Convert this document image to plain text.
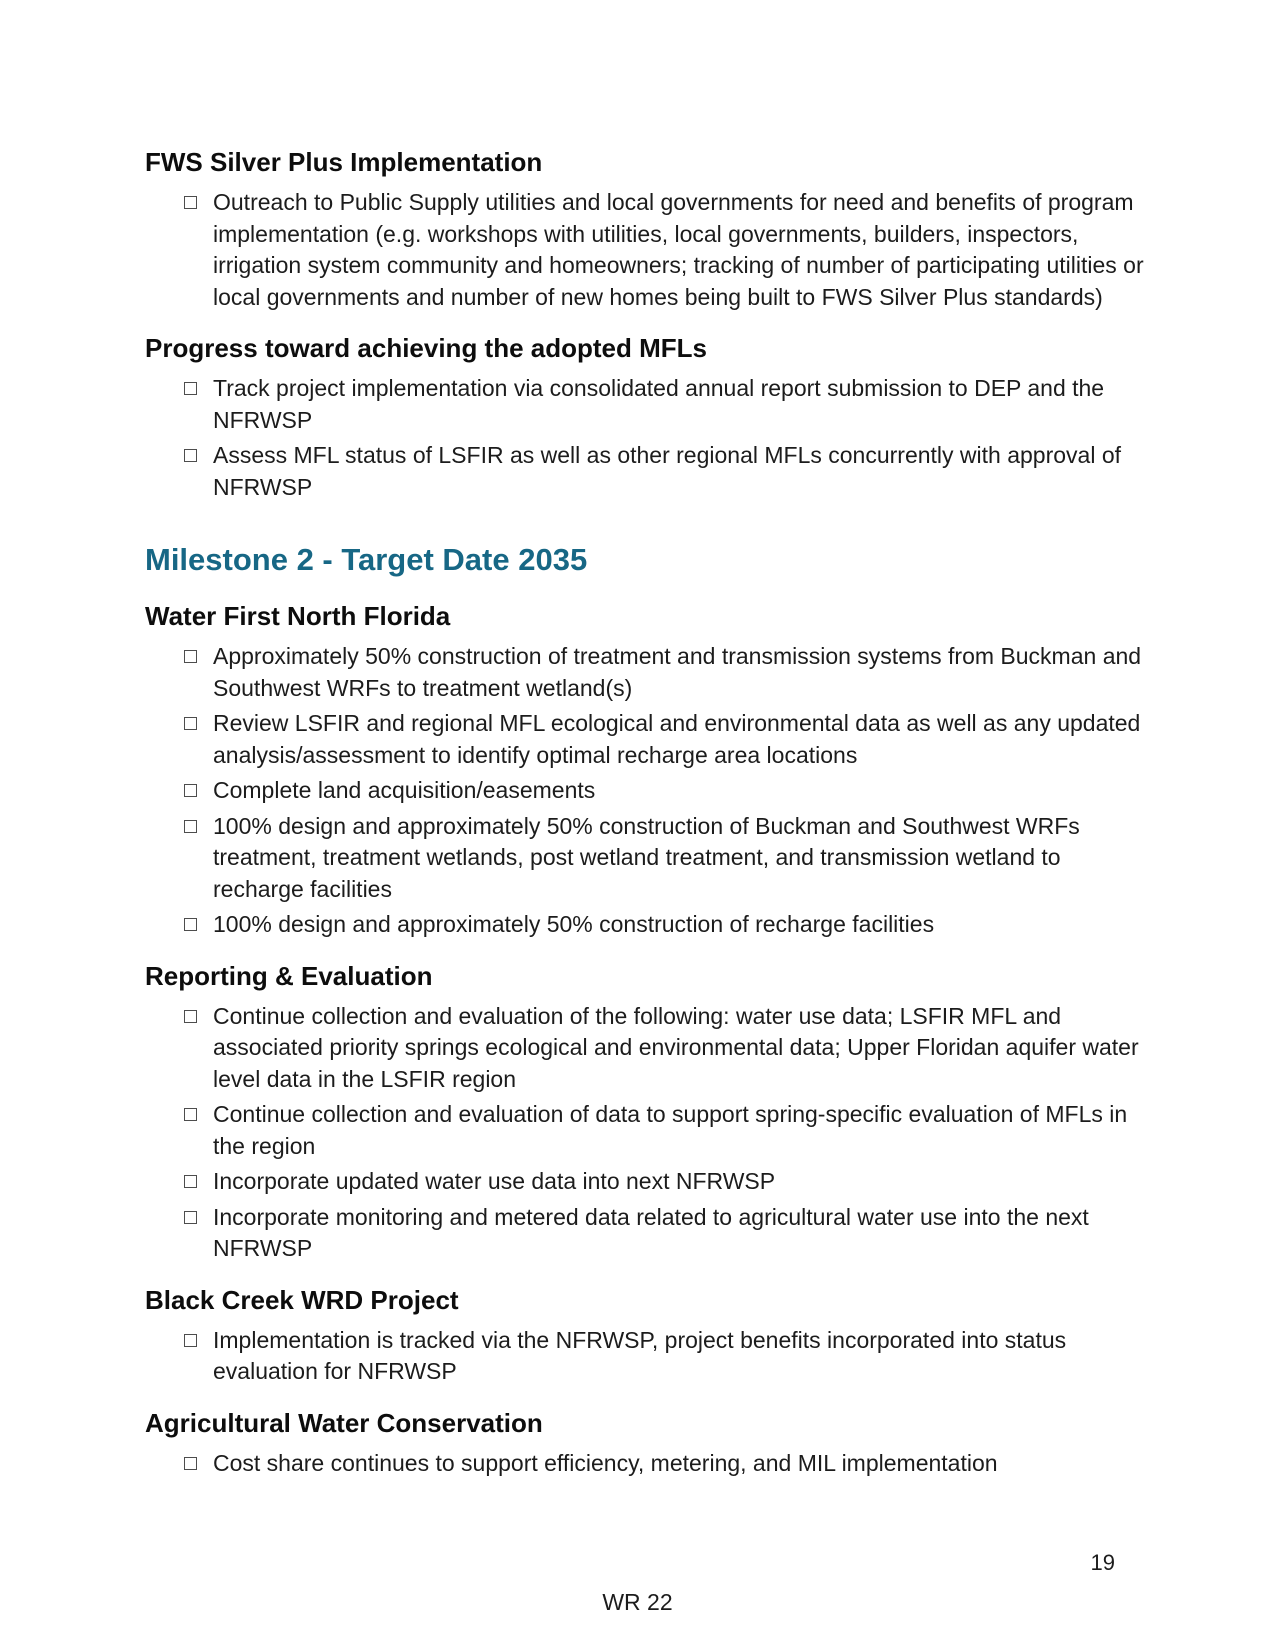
FWS Silver Plus Implementation
Outreach to Public Supply utilities and local governments for need and benefits of program implementation (e.g. workshops with utilities, local governments, builders, inspectors, irrigation system community and homeowners; tracking of number of participating utilities or local governments and number of new homes being built to FWS Silver Plus standards)
Progress toward achieving the adopted MFLs
Track project implementation via consolidated annual report submission to DEP and the NFRWSP
Assess MFL status of LSFIR as well as other regional MFLs concurrently with approval of NFRWSP
Milestone 2 - Target Date 2035
Water First North Florida
Approximately 50% construction of treatment and transmission systems from Buckman and Southwest WRFs to treatment wetland(s)
Review LSFIR and regional MFL ecological and environmental data as well as any updated analysis/assessment to identify optimal recharge area locations
Complete land acquisition/easements
100% design and approximately 50% construction of Buckman and Southwest WRFs treatment, treatment wetlands, post wetland treatment, and transmission wetland to recharge facilities
100% design and approximately 50% construction of recharge facilities
Reporting & Evaluation
Continue collection and evaluation of the following: water use data; LSFIR MFL and associated priority springs ecological and environmental data; Upper Floridan aquifer water level data in the LSFIR region
Continue collection and evaluation of data to support spring-specific evaluation of MFLs in the region
Incorporate updated water use data into next NFRWSP
Incorporate monitoring and metered data related to agricultural water use into the next NFRWSP
Black Creek WRD Project
Implementation is tracked via the NFRWSP, project benefits incorporated into status evaluation for NFRWSP
Agricultural Water Conservation
Cost share continues to support efficiency, metering, and MIL implementation
19
WR 22
